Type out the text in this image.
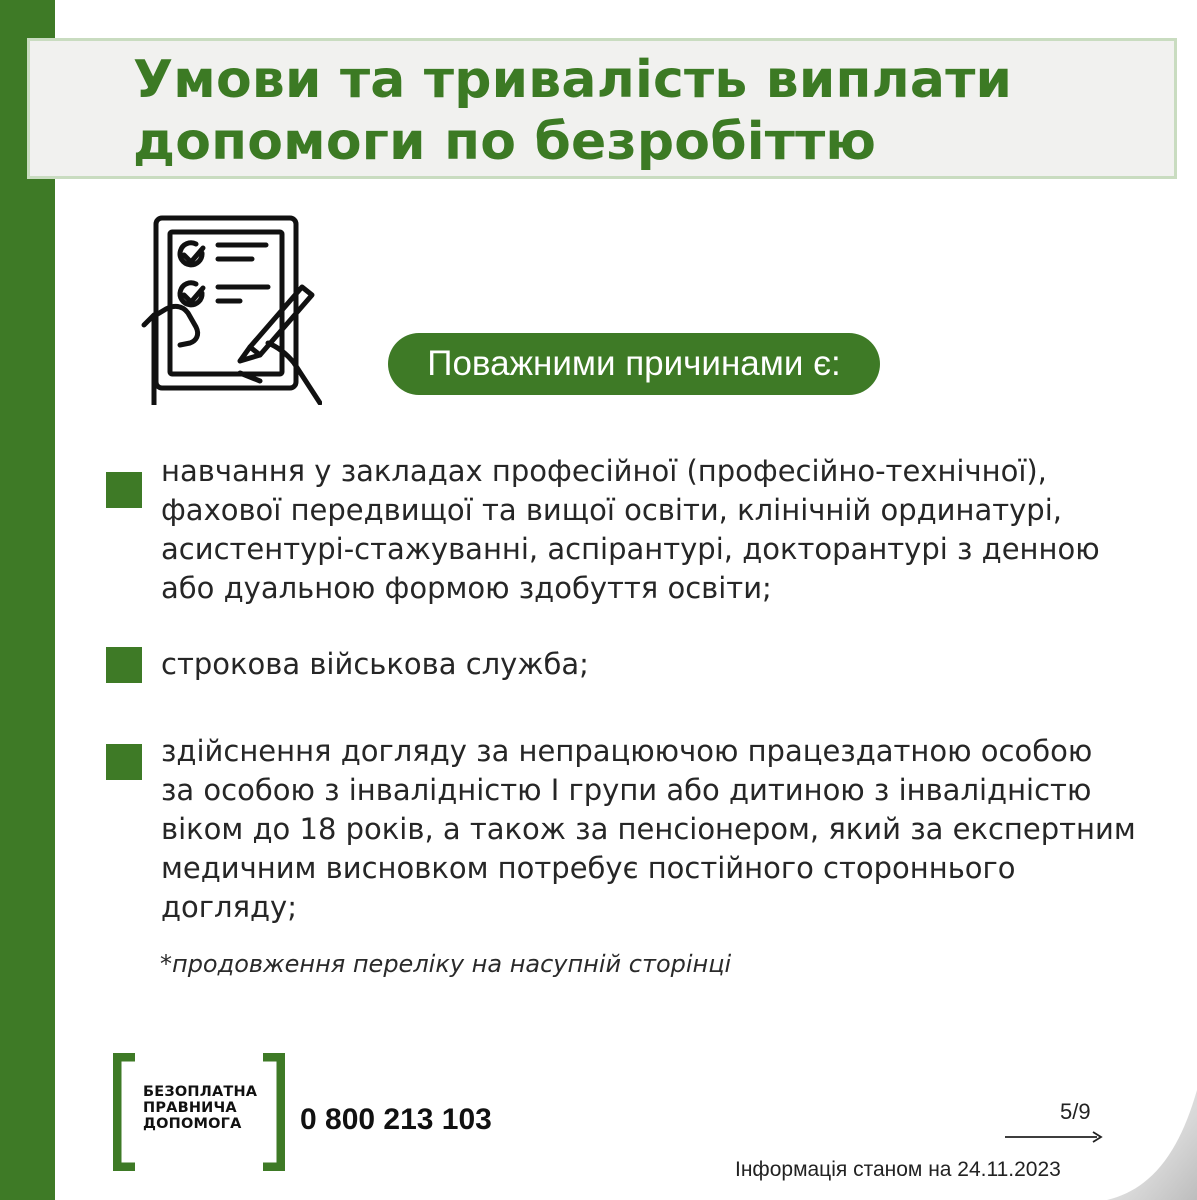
Умови та тривалість виплати
допомоги по безробіттю
Поважними причинами є:

навчання у закладах професійної (професійно-технічної),
фахової передвищої та вищої освіти, клінічній ординатурі,
асистентурі-стажуванні, аспірантурі, докторантурі з денною
або дуальною формою здобуття освіти;

строкова військова служба;

здійснення догляду за непрацюючою працездатною особою
за особою з інвалідністю I групи або дитиною з інвалідністю
віком до 18 років, а також за пенсіонером, який за експертним
медичним висновком потребує постійного стороннього
догляду;

*продовження переліку на насупній сторінці
БЕЗОПЛАТНА
ПРАВНИЧА
ДОПОМОГА	0 800 213 103	5/9
Інформація станом на 24.11.2023
